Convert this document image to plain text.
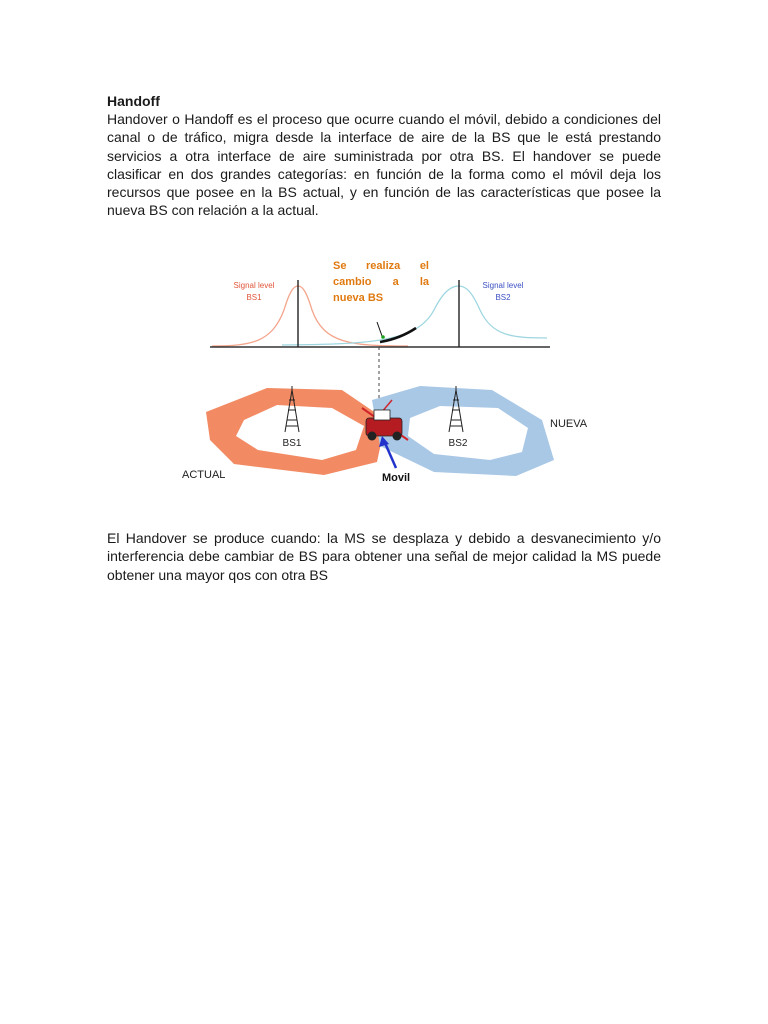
Handoff

Handover o Handoff es el proceso que ocurre cuando el móvil, debido a condiciones del canal o de tráfico, migra desde la interface de aire de la BS que le está prestando servicios a otra interface de aire suministrada por otra BS. El handover se puede clasificar en dos grandes categorías: en función de la forma como el móvil deja los recursos que posee en la BS actual, y en función de las características que posee la nueva BS con relación a la actual.

BS1	BS2
Movil
ACTUAL
NUEVA
Signal level
BS1
Signal level
BS2
Se realiza el
cambio a la
nueva BS

El Handover se produce cuando: la MS se desplaza y debido a desvanecimiento y/o interferencia debe cambiar de BS para obtener una señal de mejor calidad la MS puede obtener una mayor qos con otra BS
